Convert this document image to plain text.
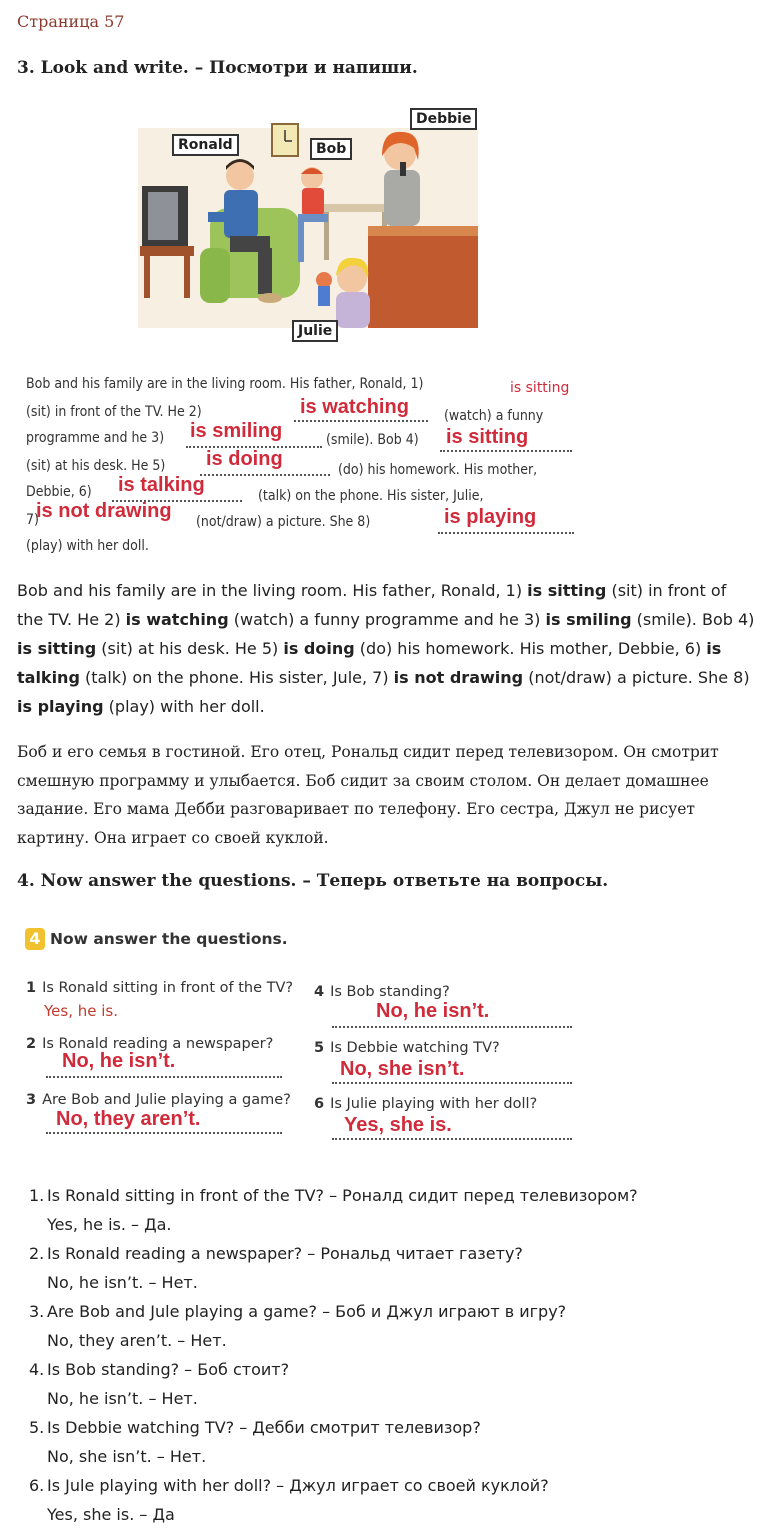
Страница 57
3. Look and write. – Посмотри и напиши.
Ronald	Bob
Debbie
Julie
Bob and his family are in the living room. His father, Ronald, 1)	is sitting
(sit) in front of the TV. He 2)	is watching	(watch) a funny
programme and he 3) is smiling	(smile). Bob 4) is sitting
(sit) at his desk. He 5) is doing	(do) his homework. His mother,
Debbie, 6) is talking	(talk) on the phone. His sister, Julie,
7)
is not drawing (not/draw) a picture. She 8)	is playing
(play) with her doll.
Bob and his family are in the living room. His father, Ronald, 1) is sitting (sit) in front of the TV. He 2) is watching (watch) a funny programme and he 3) is smiling (smile). Bob 4) is sitting (sit) at his desk. He 5) is doing (do) his homework. His mother, Debbie, 6) is talking (talk) on the phone. His sister, Jule, 7) is not drawing (not/draw) a picture. She 8) is playing (play) with her doll.
Боб и его семья в гостиной. Его отец, Рональд сидит перед телевизором. Он смотрит смешную программу и улыбается. Боб сидит за своим столом. Он делает домашнее задание. Его мама Дебби разговаривает по телефону. Его сестра, Джул не рисует картину. Она играет со своей куклой.
4. Now answer the questions. – Теперь ответьте на вопросы.
4 Now answer the questions.
1 Is Ronald sitting in front of the TV?
Yes, he is.
2 Is Ronald reading a newspaper?
No, he isn’t.
3 Are Bob and Julie playing a game?
No, they aren’t.
4 Is Bob standing?
No, he isn’t.
5 Is Debbie watching TV?
No, she isn’t.
6 Is Julie playing with her doll?
Yes, she is.
1. Is Ronald sitting in front of the TV? – Роналд сидит перед телевизором?
Yes, he is. – Да.
2. Is Ronald reading a newspaper? – Рональд читает газету?
No, he isn’t. – Нет.
3. Are Bob and Jule playing a game? – Боб и Джул играют в игру?
No, they aren’t. – Нет.
4. Is Bob standing? – Боб стоит?
No, he isn’t. – Нет.
5. Is Debbie watching TV? – Дебби смотрит телевизор?
No, she isn’t. – Нет.
6. Is Jule playing with her doll? – Джул играет со своей куклой?
Yes, she is. – Да
